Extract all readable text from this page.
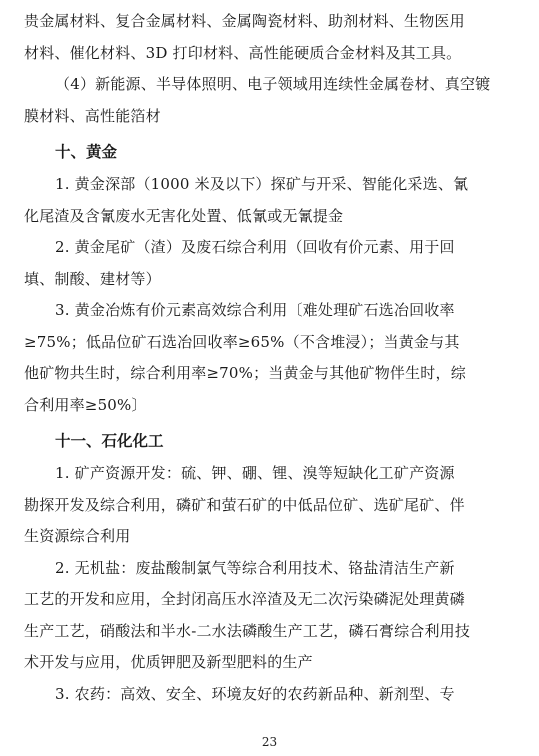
贵金属材料、复合金属材料、金属陶瓷材料、助剂材料、生物医用
材料、催化材料、3D 打印材料、高性能硬质合金材料及其工具。
（4）新能源、半导体照明、电子领域用连续性金属卷材、真空镀
膜材料、高性能箔材
十、黄金
1. 黄金深部（1000 米及以下）探矿与开采、智能化采选、氰
化尾渣及含氰废水无害化处置、低氰或无氰提金
2. 黄金尾矿（渣）及废石综合利用（回收有价元素、用于回
填、制酸、建材等）
3. 黄金冶炼有价元素高效综合利用〔难处理矿石选冶回收率
≥75%；低品位矿石选冶回收率≥65%（不含堆浸）；当黄金与其
他矿物共生时，综合利用率≥70%；当黄金与其他矿物伴生时，综
合利用率≥50%〕
十一、石化化工
1. 矿产资源开发：硫、钾、硼、锂、溴等短缺化工矿产资源
勘探开发及综合利用，磷矿和萤石矿的中低品位矿、选矿尾矿、伴
生资源综合利用
2. 无机盐：废盐酸制氯气等综合利用技术、铬盐清洁生产新
工艺的开发和应用，全封闭高压水淬渣及无二次污染磷泥处理黄磷
生产工艺，硝酸法和半水-二水法磷酸生产工艺，磷石膏综合利用技
术开发与应用，优质钾肥及新型肥料的生产
3. 农药：高效、安全、环境友好的农药新品种、新剂型、专
23
